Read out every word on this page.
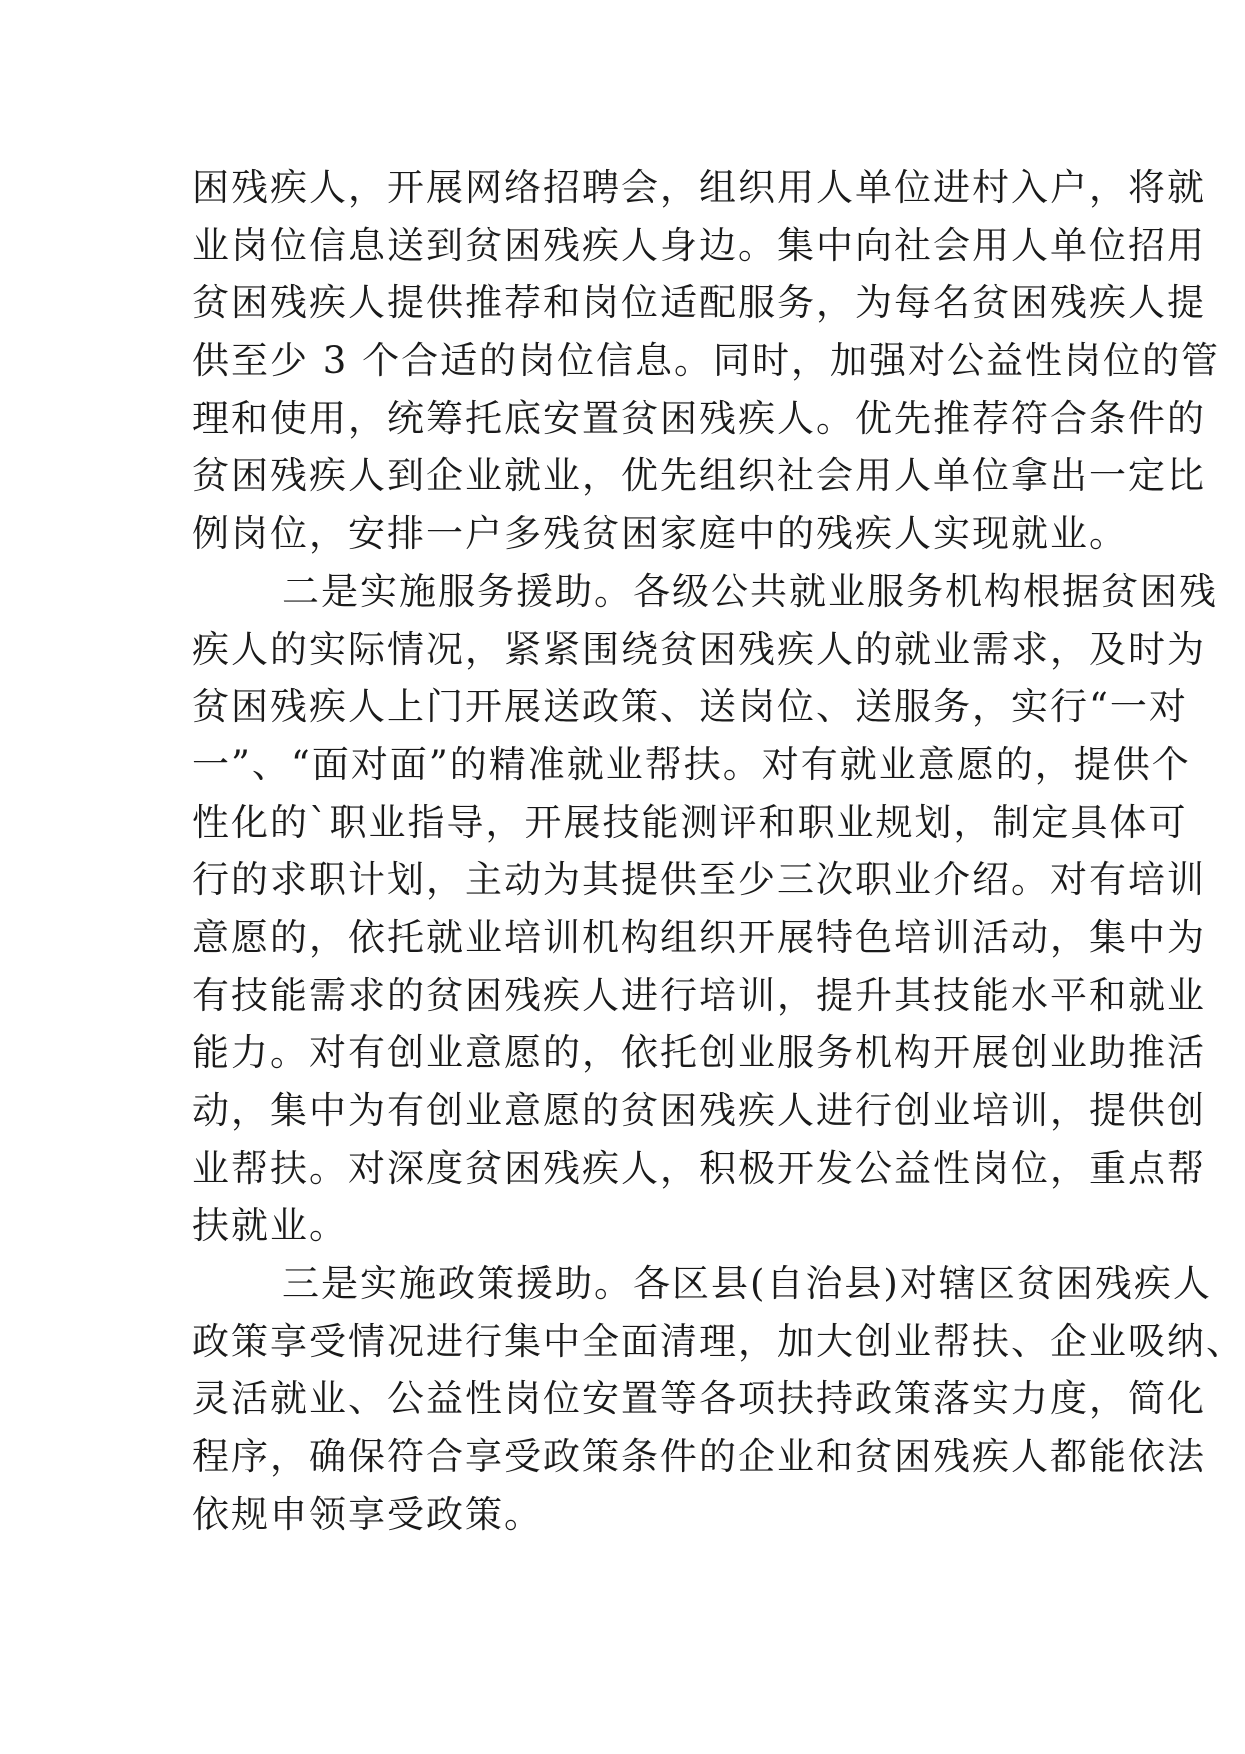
困残疾人，开展网络招聘会，组织用人单位进村入户，将就
业岗位信息送到贫困残疾人身边。集中向社会用人单位招用
贫困残疾人提供推荐和岗位适配服务，为每名贫困残疾人提
供至少 3 个合适的岗位信息。同时，加强对公益性岗位的管
理和使用，统筹托底安置贫困残疾人。优先推荐符合条件的
贫困残疾人到企业就业，优先组织社会用人单位拿出一定比
例岗位，安排一户多残贫困家庭中的残疾人实现就业。
二是实施服务援助。各级公共就业服务机构根据贫困残
疾人的实际情况，紧紧围绕贫困残疾人的就业需求，及时为
贫困残疾人上门开展送政策、送岗位、送服务，实行“一对
一”、“面对面”的精准就业帮扶。对有就业意愿的，提供个
性化的`职业指导，开展技能测评和职业规划，制定具体可
行的求职计划，主动为其提供至少三次职业介绍。对有培训
意愿的，依托就业培训机构组织开展特色培训活动，集中为
有技能需求的贫困残疾人进行培训，提升其技能水平和就业
能力。对有创业意愿的，依托创业服务机构开展创业助推活
动，集中为有创业意愿的贫困残疾人进行创业培训，提供创
业帮扶。对深度贫困残疾人，积极开发公益性岗位，重点帮
扶就业。
三是实施政策援助。各区县(自治县)对辖区贫困残疾人
政策享受情况进行集中全面清理，加大创业帮扶、企业吸纳、
灵活就业、公益性岗位安置等各项扶持政策落实力度，简化
程序，确保符合享受政策条件的企业和贫困残疾人都能依法
依规申领享受政策。
